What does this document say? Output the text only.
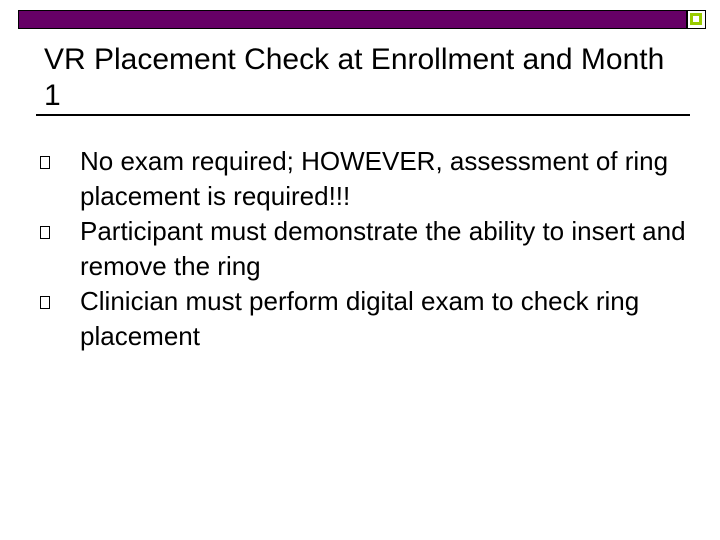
VR Placement Check at Enrollment and Month 1
No exam required; HOWEVER, assessment of ring placement is required!!!
Participant must demonstrate the ability to insert and remove the ring
Clinician must perform digital exam to check ring placement
